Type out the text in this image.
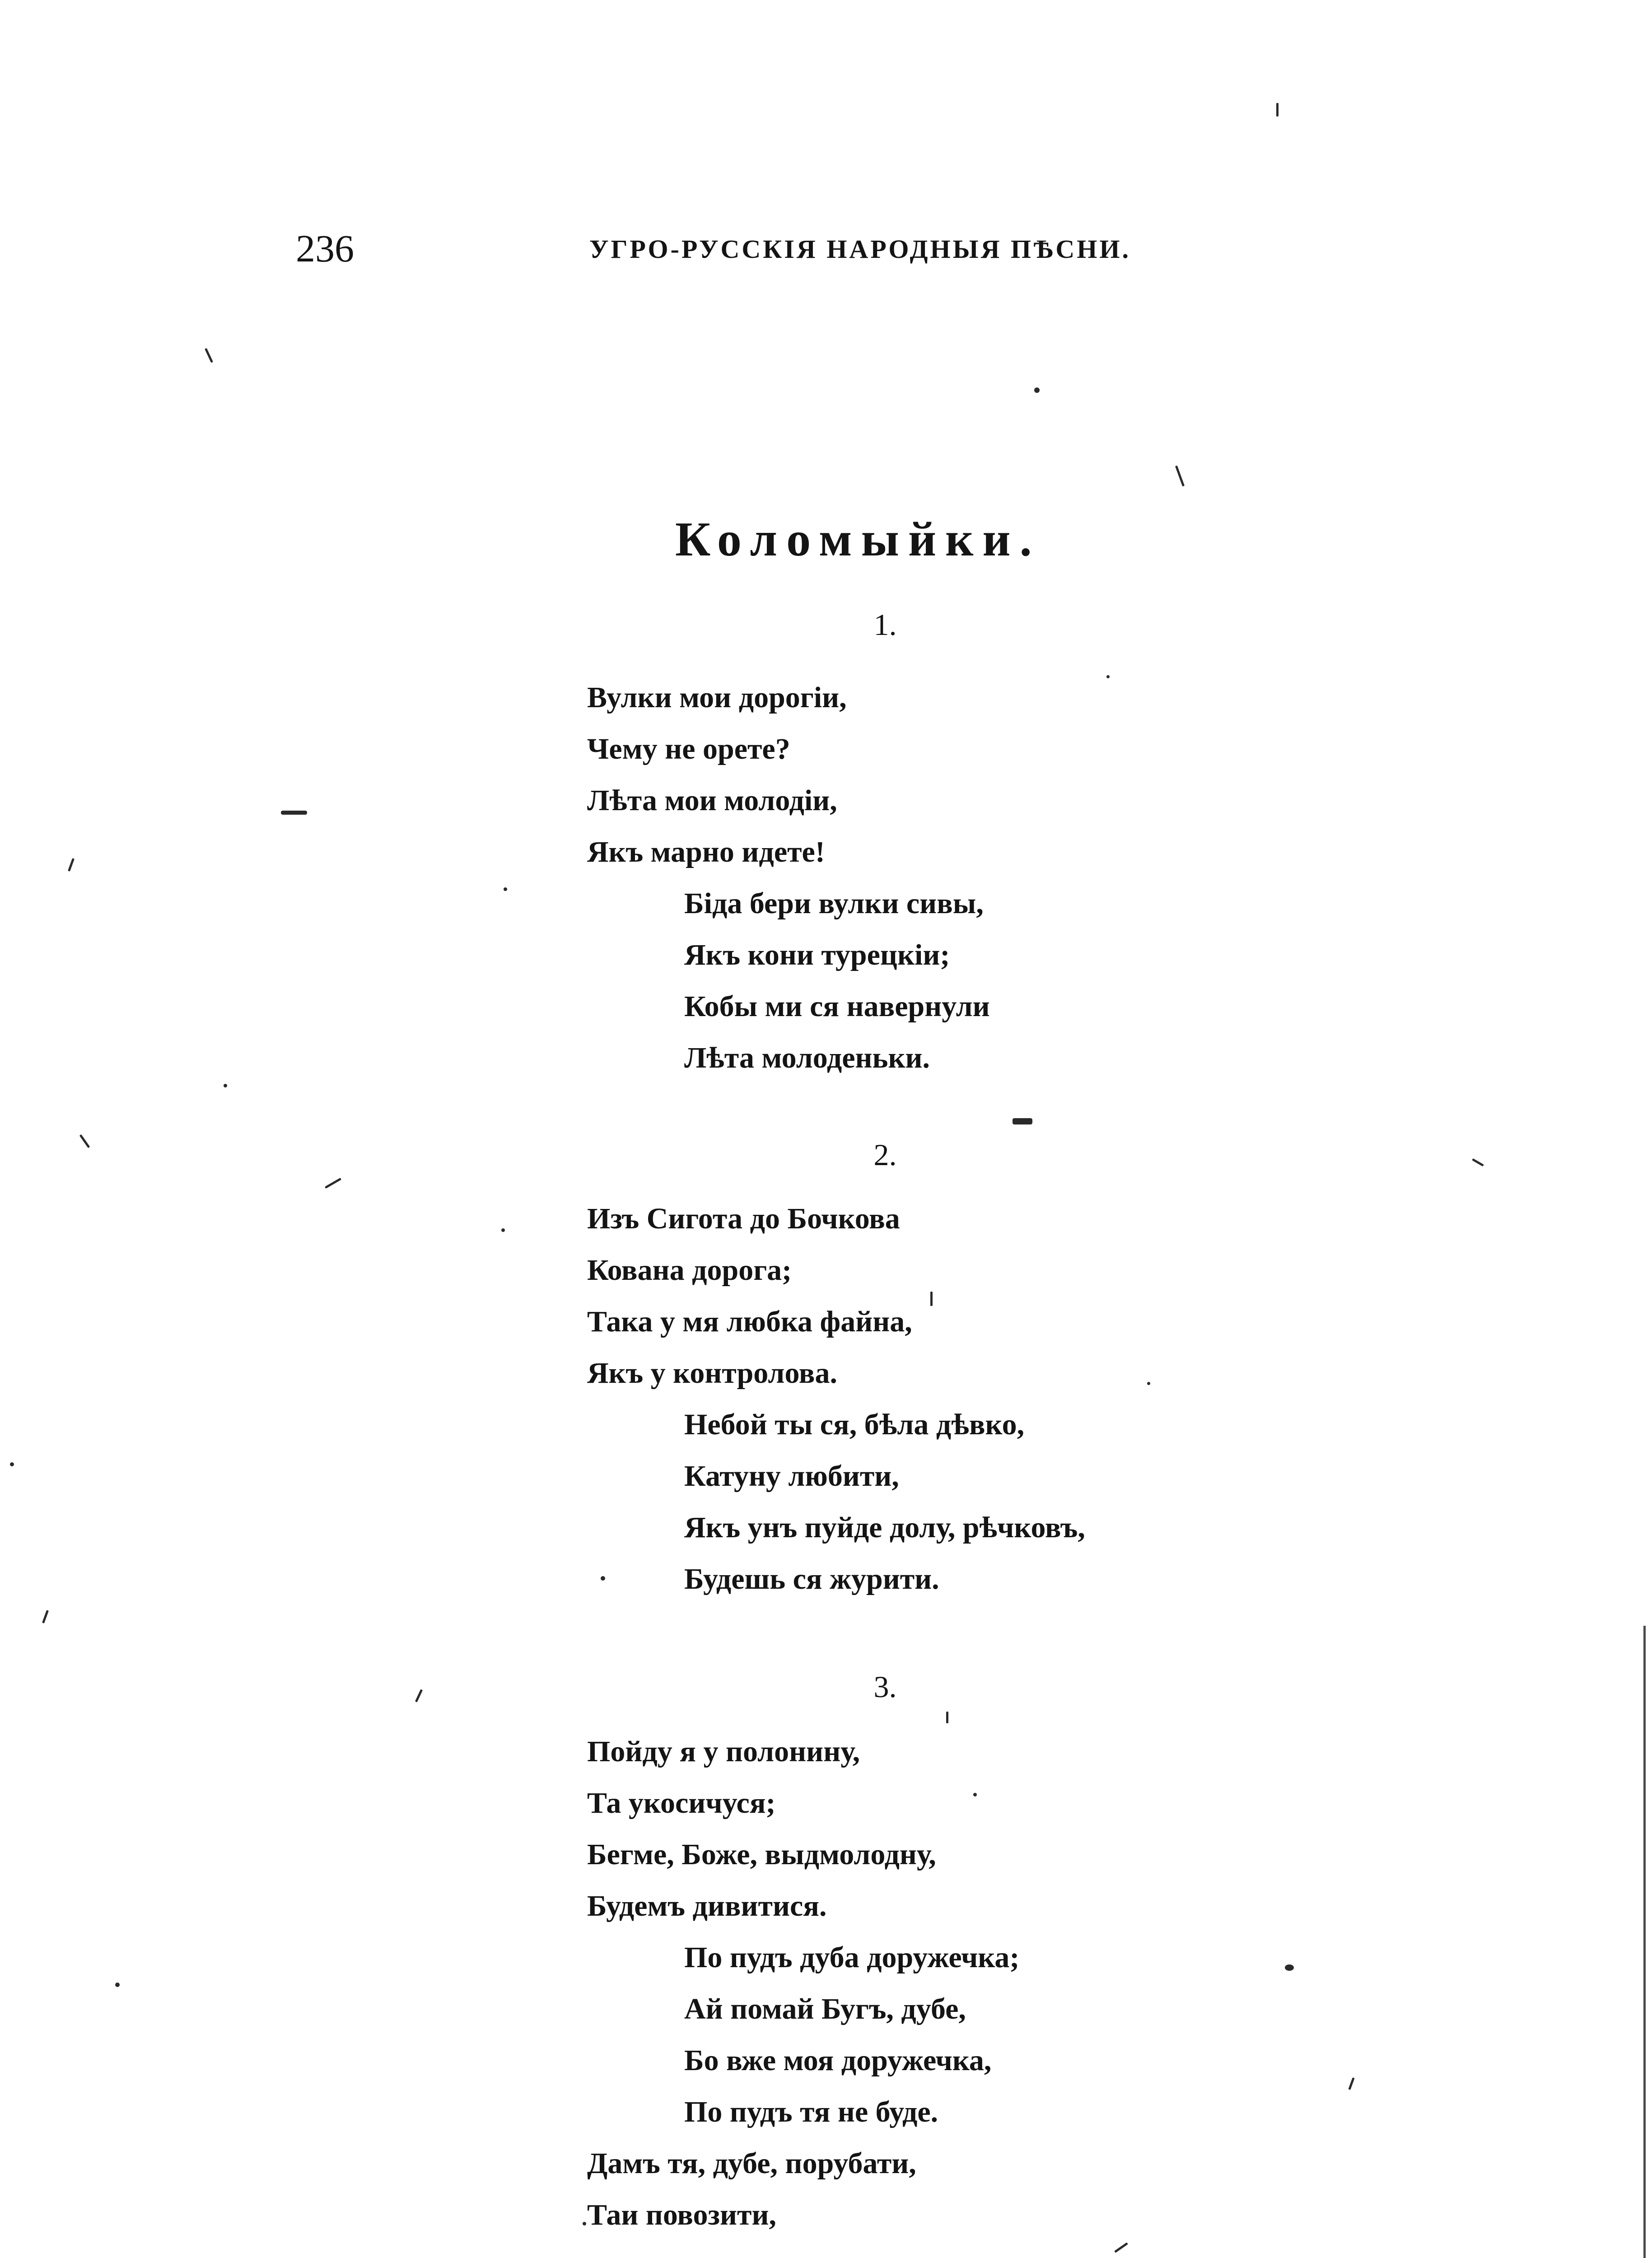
236	УГРО-РУССКІЯ НАРОДНЫЯ ПѢСНИ.
Коломыйки.
1.
Вулки мои дорогіи,
Чему не орете?
Лѣта мои молодіи,
Якъ марно идете!
Біда бери вулки сивы,
Якъ кони турецкіи;
Кобы ми ся навернули
Лѣта молоденьки.
2.
Изъ Сигота до Бочкова
Кована дорога;
Така у мя любка файна,
Якъ у контролова.
Небой ты ся, бѣла дѣвко,
Катуну любити,
Якъ унъ пуйде долу, рѣчковъ,
Будешь ся журити.
3.
Пойду я у полонину,
Та укосичуся;
Бегме, Боже, выдмолодну,
Будемъ дивитися.
По пудъ дуба доружечка;
Ай помай Бугъ, дубе,
Бо вже моя доружечка,
По пудъ тя не буде.
Дамъ тя, дубе, порубати,
Таи повозити,
